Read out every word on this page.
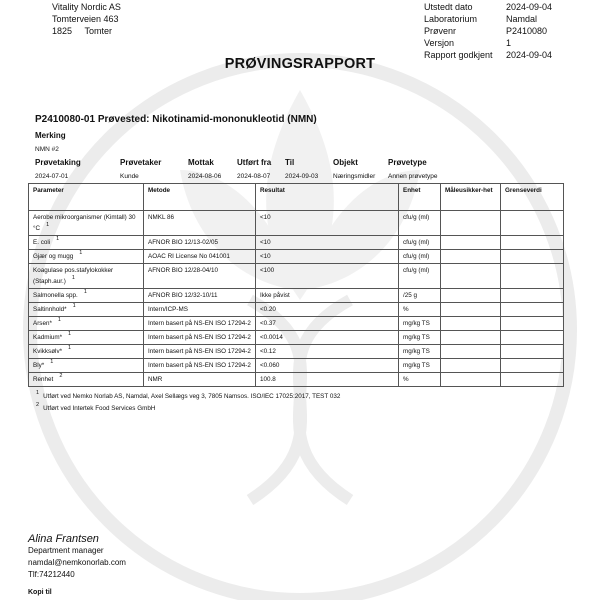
Vitality Nordic AS
Tomterveien 463
1825 Tomter
Utstedt dato	2024-09-04
Laboratorium	Namdal
Prøvenr	P2410080
Versjon	1
Rapport godkjent	2024-09-04
PRØVINGSRAPPORT
P2410080-01 Prøvested: Nikotinamid-mononukleotid (NMN)
Merking
NMN #2
Prøvetaking
2024-07-01
Prøvetaker
Kunde
Mottak
2024-08-06
Utført fra
2024-08-07
Til
2024-09-03
Objekt
Næringsmidler
Prøvetype
Annen prøvetype
Parameter	Metode	Resultat	Enhet	Måleusikker-het	Grenseverdi
Aerobe mikroorganismer (Kimtall) 30 °C $^1$	NMKL 86	<10	cfu/g (ml)		
E. coli $^1$	AFNOR BIO 12/13-02/05	<10	cfu/g (ml)		
Gjær og mugg $^1$	AOAC RI License No 041001	<10	cfu/g (ml)		
Koagulase pos.stafylokokker (Staph.aur.) $^1$	AFNOR BIO 12/28-04/10	<100	cfu/g (ml)		
Salmonella spp. $^1$	AFNOR BIO 12/32-10/11	Ikke påvist	/25 g		
Saltinnhold* $^1$	Intern/ICP-MS	<0.20	%		
Arsen* $^1$	Intern basert på NS-EN ISO 17294-2	<0.37	mg/kg TS		
Kadmium* $^1$	Intern basert på NS-EN ISO 17294-2	<0.0014	mg/kg TS		
Kvikksølv* $^1$	Intern basert på NS-EN ISO 17294-2	<0.12	mg/kg TS		
Bly* $^1$	Intern basert på NS-EN ISO 17294-2	<0.060	mg/kg TS		
Renhet $^2$	NMR	100.8	%		
$^1$ Utført ved Nemko Norlab AS, Namdal, Axel Sellægs veg 3, 7805 Namsos. ISO/IEC 17025:2017, TEST 032
$^2$ Utført ved Intertek Food Services GmbH
Alina Frantsen
Department manager
namdal@nemkonorlab.com
Tlf:74212440
Kopi til
